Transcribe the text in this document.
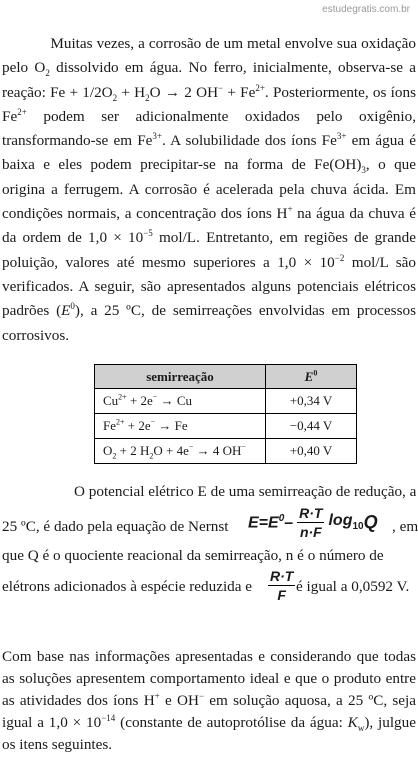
estudegratis.com.br
Muitas vezes, a corrosão de um metal envolve sua oxidação pelo $O_2$ dissolvido em água. No ferro, inicialmente, observa-se a reação: $Fe + 1/2O_2 + H_2O \to 2$ $OH^- + Fe^{2+}$. Posteriormente, os íons $Fe^{2+}$ podem ser adicionalmente oxidados pelo oxigênio, transformando-se em $Fe^{3+}$. A solubilidade dos íons $Fe^{3+}$ em água é baixa e eles podem precipitar-se na forma de $Fe(OH)_3$, o que origina a ferrugem. A corrosão é acelerada pela chuva ácida. Em condições normais, a concentração dos íons H+ na água da chuva é da ordem de $1,0 \times 10^{-5}$ mol/L. Entretanto, em regiões de grande poluição, valores até mesmo superiores a $1,0 \times 10^{-2}$ mol/L são verificados. A seguir, são apresentados alguns potenciais elétricos padrões $(E^0)$, a 25 ºC, de semirreações envolvidas em processos corrosivos.
semirreação	$E^0$
$Cu^{2+} + 2e^- \to Cu$	+0,34 V
$Fe^{2+} + 2e^- \to Fe$	−0,44 V
$O_2 + 2$ $H_2O + 4e^- \to 4$ OH−	+0,40 V
O potencial elétrico E de uma semirreação de redução, a
25 ºC, é dado pela equação de Nernst $E=E^0- \frac{R\cdot T}{n\cdot F} \log_{10} Q$ , em
que Q é o quociente reacional da semirreação, n é o número de
elétrons adicionados à espécie reduzida e $\frac{R\cdot T}{F}$ é igual a 0,0592 V.
Com base nas informações apresentadas e considerando que todas as soluções apresentem comportamento ideal e que o produto entre as atividades dos íons H+ e OH− em solução aquosa, a 25 ºC, seja igual a $1,0 \times 10^{-14}$ (constante de autoprotólise da água: $K_w$), julgue os itens seguintes.
